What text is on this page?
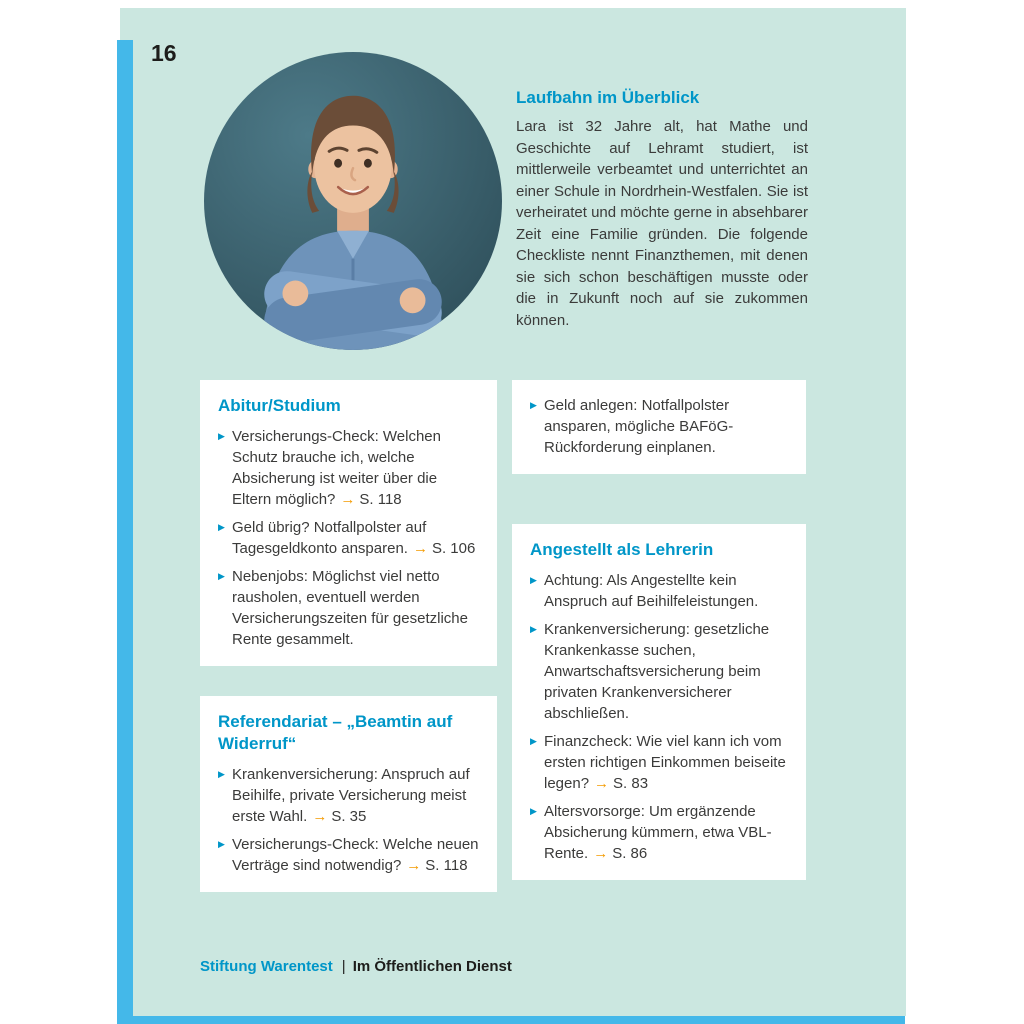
16
Laufbahn im Überblick

Lara ist 32 Jahre alt, hat Mathe und Geschichte auf Lehramt studiert, ist mittlerweile verbeamtet und unterrichtet an einer Schule in Nordrhein-Westfalen. Sie ist verheiratet und möchte gerne in absehbarer Zeit eine Familie gründen. Die folgende Checkliste nennt Finanzthemen, mit denen sie sich schon beschäftigen musste oder die in Zukunft noch auf sie zukommen können.

Abitur/Studium
▶ Versicherungs-Check: Welchen Schutz brauche ich, welche Absicherung ist weiter über die Eltern möglich? → S. 118
▶ Geld übrig? Notfallpolster auf Tagesgeldkonto ansparen. → S. 106
▶ Nebenjobs: Möglichst viel netto rausholen, eventuell werden Versicherungszeiten für gesetzliche Rente gesammelt.
▶ Geld anlegen: Notfallpolster ansparen, mögliche BAFöG-Rückforderung einplanen.
Referendariat – „Beamtin auf Widerruf“
▶ Krankenversicherung: Anspruch auf Beihilfe, private Versicherung meist erste Wahl. → S. 35
▶ Versicherungs-Check: Welche neuen Verträge sind notwendig? → S. 118
Angestellt als Lehrerin
▶ Achtung: Als Angestellte kein Anspruch auf Beihilfeleistungen.
▶ Krankenversicherung: gesetzliche Krankenkasse suchen, Anwartschaftsversicherung beim privaten Krankenversicherer abschließen.
▶ Finanzcheck: Wie viel kann ich vom ersten richtigen Einkommen beiseite legen? → S. 83
▶ Altersvorsorge: Um ergänzende Absicherung kümmern, etwa VBL-Rente. → S. 86
Stiftung Warentest | Im Öffentlichen Dienst
